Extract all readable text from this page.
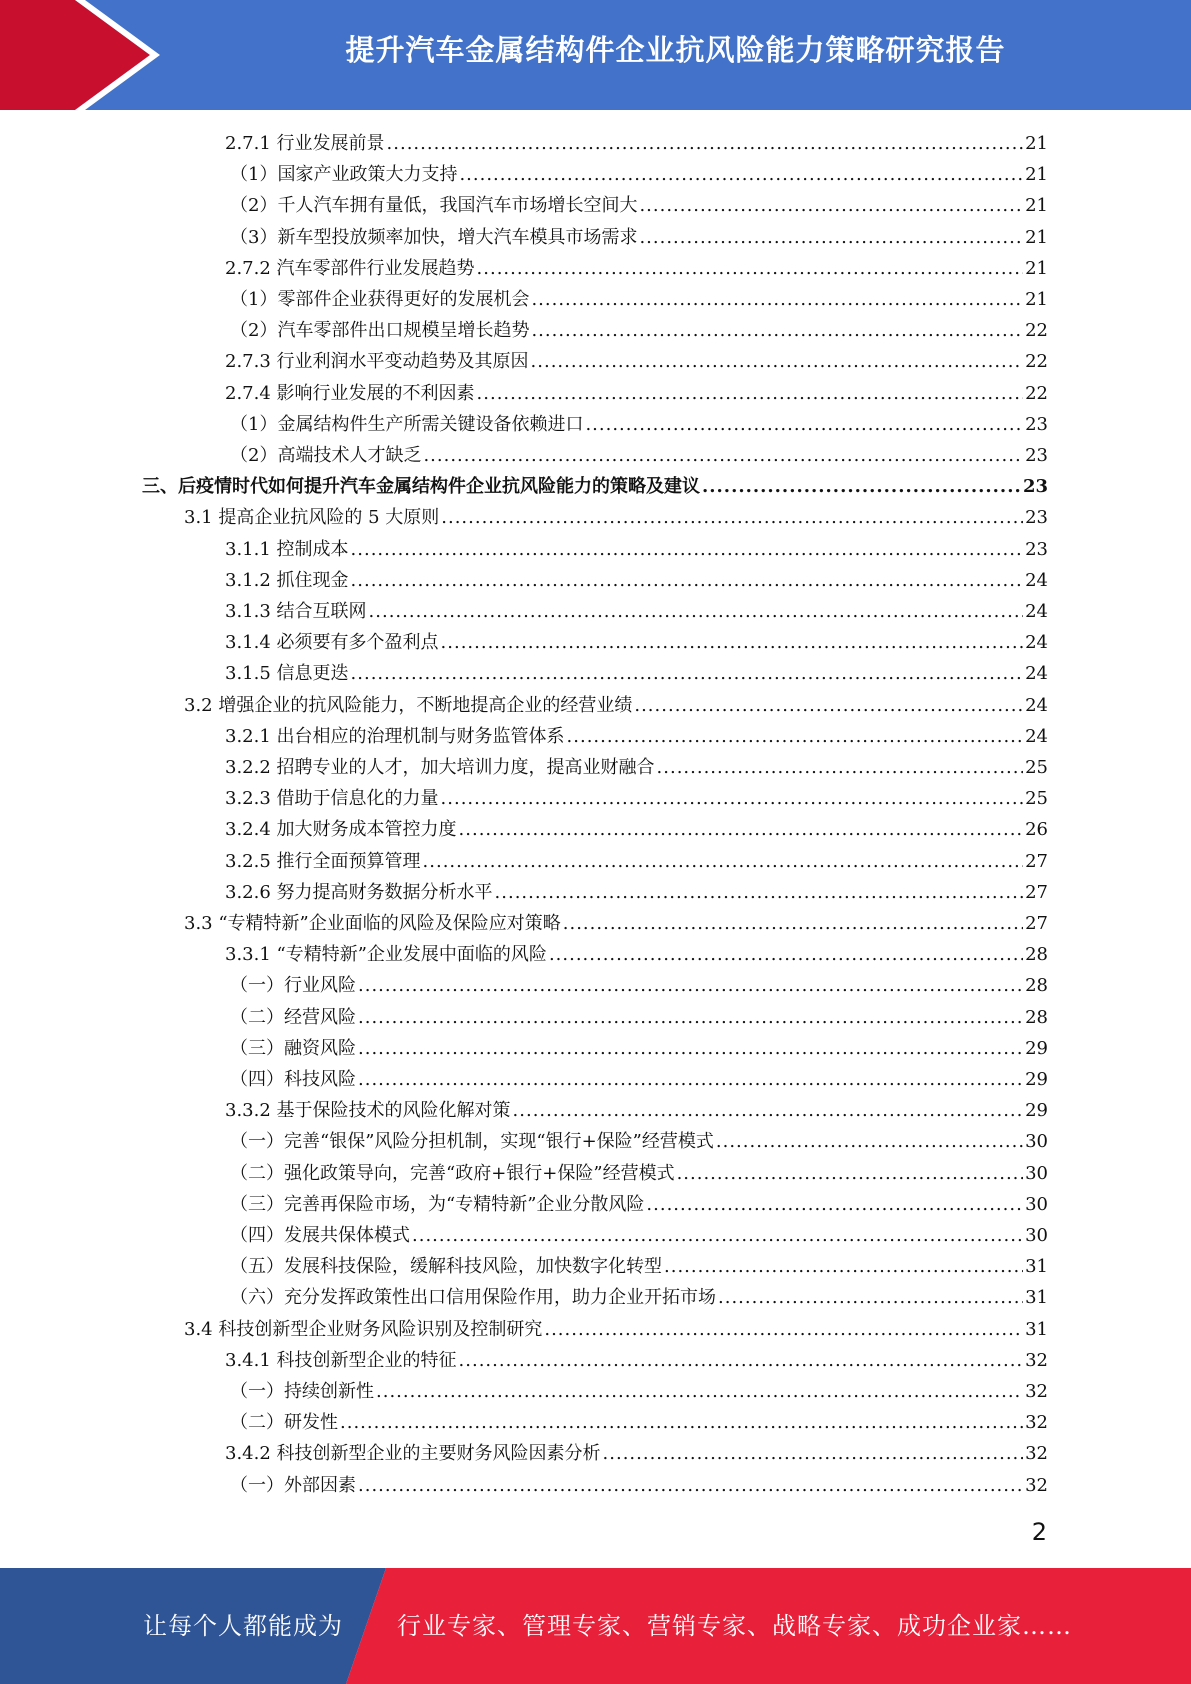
提升汽车金属结构件企业抗风险能力策略研究报告
2.7.1 行业发展前景 .....	21
（1）国家产业政策大力支持 .....	21
（2）千人汽车拥有量低，我国汽车市场增长空间大 .....	21
（3）新车型投放频率加快，增大汽车模具市场需求 .....	21
2.7.2 汽车零部件行业发展趋势 .....	21
（1）零部件企业获得更好的发展机会 .....	21
（2）汽车零部件出口规模呈增长趋势 .....	22
2.7.3 行业利润水平变动趋势及其原因 .....	22
2.7.4 影响行业发展的不利因素 .....	22
（1）金属结构件生产所需关键设备依赖进口 .....	23
（2）高端技术人才缺乏 .....	23
三、后疫情时代如何提升汽车金属结构件企业抗风险能力的策略及建议 .....	23
3.1 提高企业抗风险的 5 大原则 .....	23
3.1.1 控制成本 .....	23
3.1.2 抓住现金 .....	24
3.1.3 结合互联网 .....	24
3.1.4 必须要有多个盈利点 .....	24
3.1.5 信息更迭 .....	24
3.2 增强企业的抗风险能力，不断地提高企业的经营业绩 .....	24
3.2.1 出台相应的治理机制与财务监管体系 .....	24
3.2.2 招聘专业的人才，加大培训力度，提高业财融合 .....	25
3.2.3 借助于信息化的力量 .....	25
3.2.4 加大财务成本管控力度 .....	26
3.2.5 推行全面预算管理 .....	27
3.2.6 努力提高财务数据分析水平 .....	27
3.3 “专精特新”企业面临的风险及保险应对策略 .....	27
3.3.1 “专精特新”企业发展中面临的风险 .....	28
（一）行业风险 .....	28
（二）经营风险 .....	28
（三）融资风险 .....	29
（四）科技风险 .....	29
3.3.2 基于保险技术的风险化解对策 .....	29
（一）完善“银保”风险分担机制，实现“银行+保险”经营模式 .....	30
（二）强化政策导向，完善“政府+银行+保险”经营模式 .....	30
（三）完善再保险市场，为“专精特新”企业分散风险 .....	30
（四）发展共保体模式 .....	30
（五）发展科技保险，缓解科技风险，加快数字化转型 .....	31
（六）充分发挥政策性出口信用保险作用，助力企业开拓市场 .....	31
3.4 科技创新型企业财务风险识别及控制研究 .....	31
3.4.1 科技创新型企业的特征 .....	32
（一）持续创新性 .....	32
（二）研发性 .....	32
3.4.2 科技创新型企业的主要财务风险因素分析 .....	32
（一）外部因素 .....	32
2
让每个人都能成为 行业专家、管理专家、营销专家、战略专家、成功企业家……
